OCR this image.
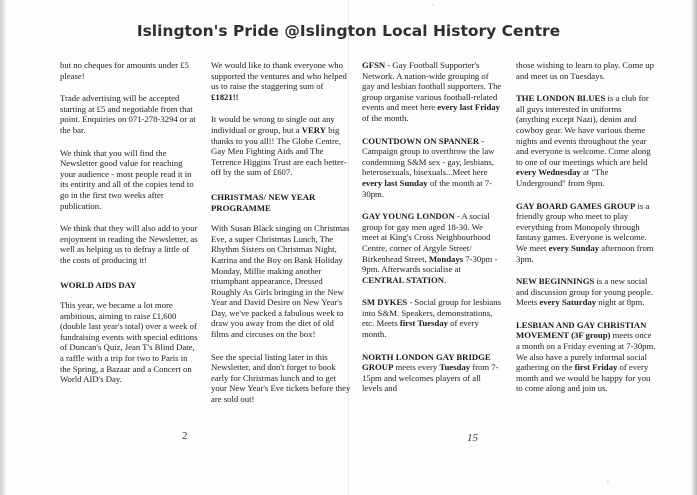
Islington's Pride @Islington Local History Centre

but no cheques for amounts under £5 please!

Trade advertising will be accepted starting at £5 and negotiable from that point. Enquiries on 071-278-3294 or at the bar.

We think that you will find the Newsletter good value for reaching your audience - most people read it in its entirity and all of the copies tend to go in the first two weeks after publication.

We think that they will also add to your enjoyment in reading the Newsletter, as well as helping us to defray a little of the costs of producing it!

WORLD AIDS DAY

This year, we became a lot more ambitious, aiming to raise £1,600 (double last year's total) over a week of fundraising events with special editions of Duncan's Quiz, Jean T's Blind Date, a raffle with a trip for two to Paris in the Spring, a Bazaar and a Concert on World AID's Day.

We would like to thank everyone who supported the ventures and who helped us to raise the staggering sum of £1821!!

It would be wrong to single out any individual or group, but a VERY big thanks to you all!! The Globe Centre, Gay Men Fighting Aids and The Terrence Higgins Trust are each better-off by the sum of £607.

CHRISTMAS/ NEW YEAR PROGRAMME

With Susan Black singing on Christmas Eve, a super Christmas Lunch, The Rhythm Sisters on Christmas Night, Katrina and the Boy on Bank Holiday Monday, Millie making another triumphant appearance, Dressed Roughly As Girls bringing in the New Year and David Desire on New Year's Day, we've packed a fabulous week to draw you away from the diet of old films and circuses on the box!

See the special listing later in this Newsletter, and don't forget to book early for Christmas lunch and to get your New Year's Eve tickets before they are sold out!

GFSN - Gay Football Supporter's Network. A nation-wide grouping of gay and lesbian football supporters. The group organise various football-related events and meet here every last Friday of the month.

COUNTDOWN ON SPANNER - Campaign group to overthrow the law condemning S&M sex - gay, lesbians, heterosexuals, bisexuals...Meet here every last Sunday of the month at 7-30pm.

GAY YOUNG LONDON - A social group for gay men aged 18-30. We meet at King's Cross Neighbourhood Centre, corner of Argyle Street/ Birkenhead Street, Mondays 7-30pm - 9pm. Afterwards socialise at CENTRAL STATION.

SM DYKES - Social group for lesbians into S&M. Speakers, demonstrations, etc. Meets first Tuesday of every month.

NORTH LONDON GAY BRIDGE GROUP meets every Tuesday from 7-15pm and welcomes players of all levels and

those wishing to learn to play. Come up and meet us on Tuesdays.

THE LONDON BLUES is a club for all guys interested in uniforms (anything except Nazi), denim and cowboy gear. We have various theme nights and events throughout the year and everyone is welcome. Come along to one of our meetings which are held every Wednesday at "The Underground" from 9pm.

GAY BOARD GAMES GROUP is a friendly group who meet to play everything from Monopoly through fantasy games. Everyone is welcome. We meet every Sunday afternoon from 3pm.

NEW BEGINNINGS is a new social and discussion group for young people. Meets every Saturday night at 8pm.

LESBIAN AND GAY CHRISTIAN MOVEMENT (3F group) meets once a month on a Friday evening at 7-30pm. We also have a purely informal social gathering on the first Friday of every month and we would be happy for you to come along and join us.

2	15
‘
‘
